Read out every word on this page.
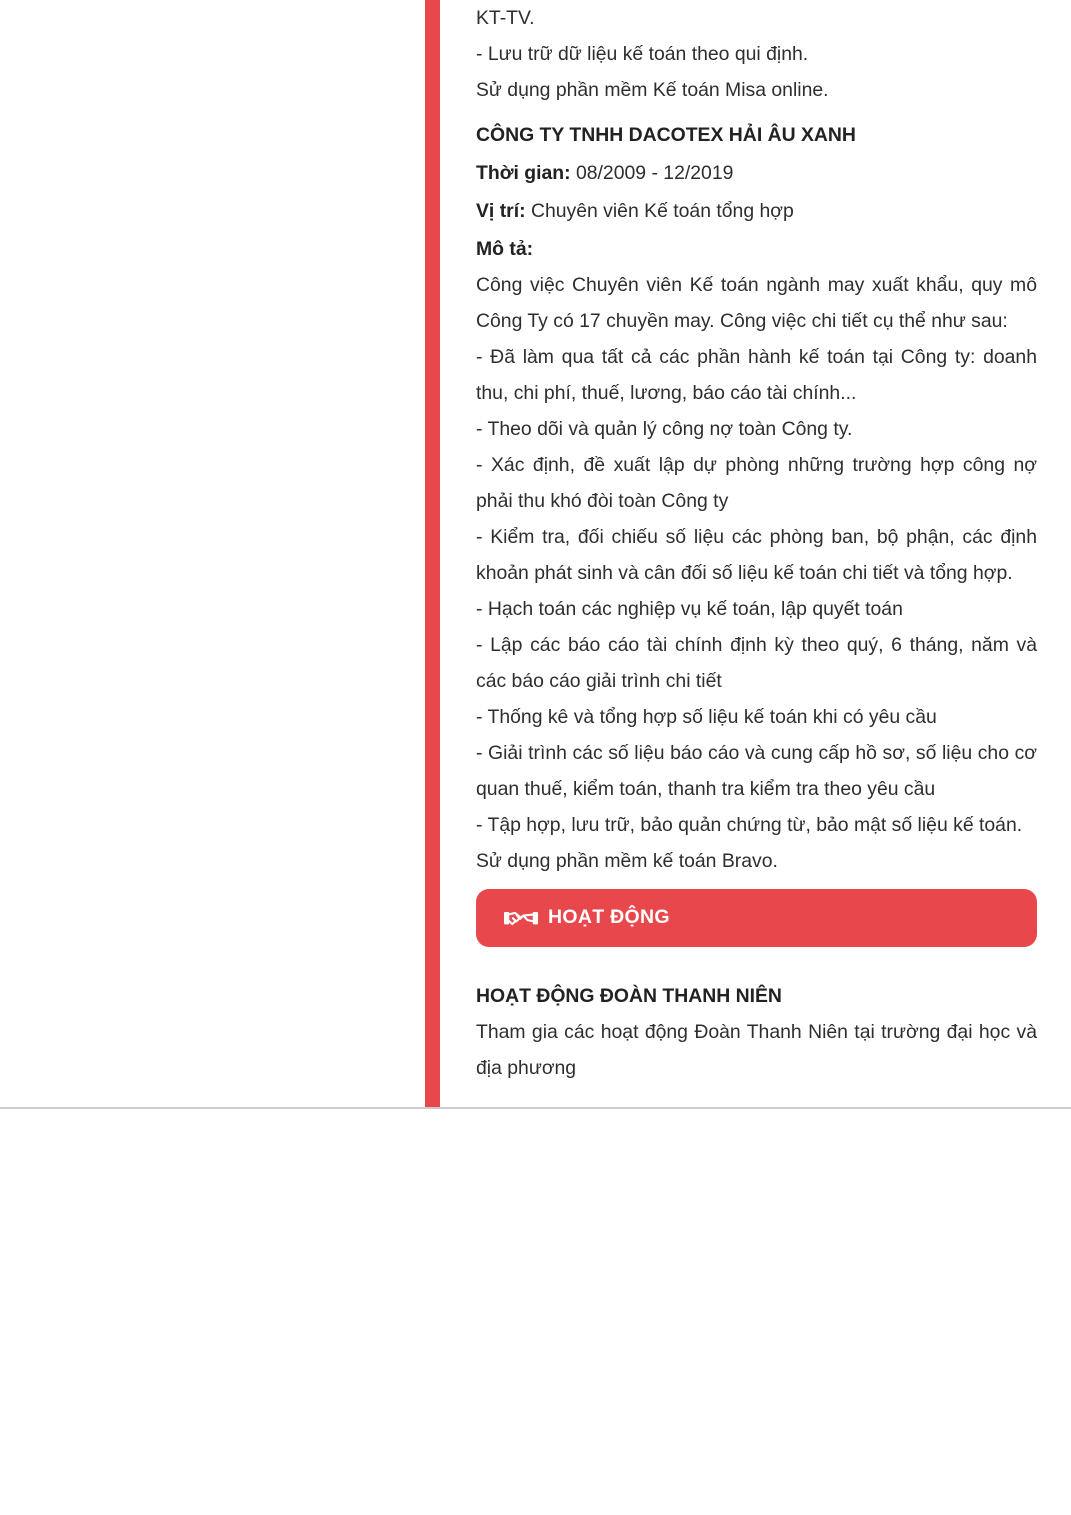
KT-TV.

- Lưu trữ dữ liệu kế toán theo qui định.

Sử dụng phần mềm Kế toán Misa online.

CÔNG TY TNHH DACOTEX HẢI ÂU XANH

Thời gian: 08/2009 - 12/2019

Vị trí: Chuyên viên Kế toán tổng hợp

Mô tả:

Công việc Chuyên viên Kế toán ngành may xuất khẩu, quy mô Công Ty có 17 chuyền may. Công việc chi tiết cụ thể như sau:

- Đã làm qua tất cả các phần hành kế toán tại Công ty: doanh thu, chi phí, thuế, lương, báo cáo tài chính...

- Theo dõi và quản lý công nợ toàn Công ty.

- Xác định, đề xuất lập dự phòng những trường hợp công nợ phải thu khó đòi toàn Công ty

- Kiểm tra, đối chiếu số liệu các phòng ban, bộ phận, các định khoản phát sinh và cân đối số liệu kế toán chi tiết và tổng hợp.

- Hạch toán các nghiệp vụ kế toán, lập quyết toán

- Lập các báo cáo tài chính định kỳ theo quý, 6 tháng, năm và các báo cáo giải trình chi tiết

- Thống kê và tổng hợp số liệu kế toán khi có yêu cầu

- Giải trình các số liệu báo cáo và cung cấp hồ sơ, số liệu cho cơ quan thuế, kiểm toán, thanh tra kiểm tra theo yêu cầu

- Tập hợp, lưu trữ, bảo quản chứng từ, bảo mật số liệu kế toán.

Sử dụng phần mềm kế toán Bravo.

HOẠT ĐỘNG
HOẠT ĐỘNG ĐOÀN THANH NIÊN

Tham gia các hoạt động Đoàn Thanh Niên tại trường đại học và địa phương
